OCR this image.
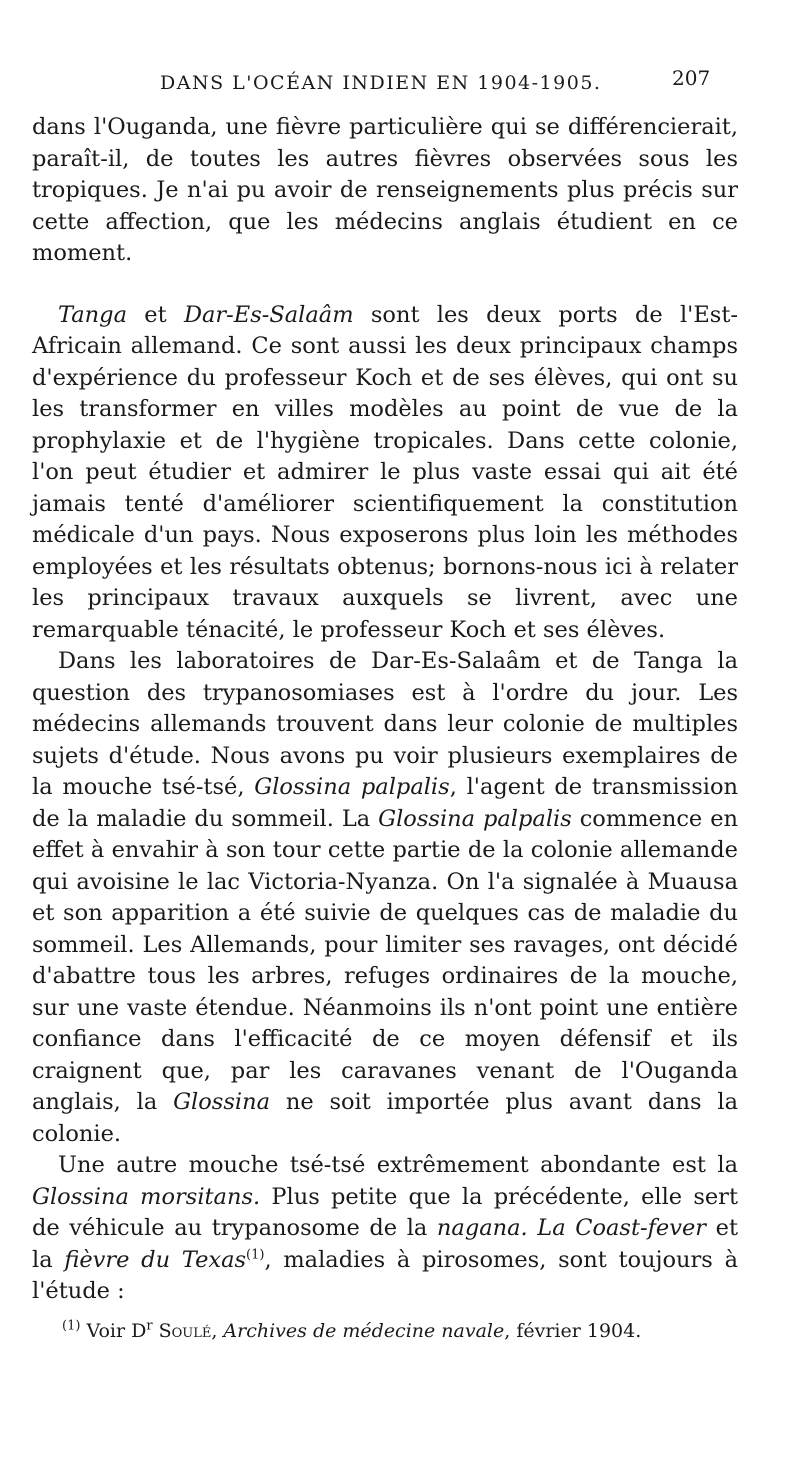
DANS L'OCÉAN INDIEN EN 1904-1905.	207

dans l'Ouganda, une fièvre particulière qui se différencierait, paraît-il, de toutes les autres fièvres observées sous les tropiques. Je n'ai pu avoir de renseignements plus précis sur cette affection, que les médecins anglais étudient en ce moment.

Tanga et Dar-Es-Salaâm sont les deux ports de l'Est-Africain allemand. Ce sont aussi les deux principaux champs d'expérience du professeur Koch et de ses élèves, qui ont su les transformer en villes modèles au point de vue de la prophylaxie et de l'hygiène tropicales. Dans cette colonie, l'on peut étudier et admirer le plus vaste essai qui ait été jamais tenté d'améliorer scientifiquement la constitution médicale d'un pays. Nous exposerons plus loin les méthodes employées et les résultats obtenus; bornons-nous ici à relater les principaux travaux auxquels se livrent, avec une remarquable ténacité, le professeur Koch et ses élèves.

Dans les laboratoires de Dar-Es-Salaâm et de Tanga la question des trypanosomiases est à l'ordre du jour. Les médecins allemands trouvent dans leur colonie de multiples sujets d'étude. Nous avons pu voir plusieurs exemplaires de la mouche tsé-tsé, Glossina palpalis, l'agent de transmission de la maladie du sommeil. La Glossina palpalis commence en effet à envahir à son tour cette partie de la colonie allemande qui avoisine le lac Victoria-Nyanza. On l'a signalée à Muausa et son apparition a été suivie de quelques cas de maladie du sommeil. Les Allemands, pour limiter ses ravages, ont décidé d'abattre tous les arbres, refuges ordinaires de la mouche, sur une vaste étendue. Néanmoins ils n'ont point une entière confiance dans l'efficacité de ce moyen défensif et ils craignent que, par les caravanes venant de l'Ouganda anglais, la Glossina ne soit importée plus avant dans la colonie.

Une autre mouche tsé-tsé extrêmement abondante est la Glossina morsitans. Plus petite que la précédente, elle sert de véhicule au trypanosome de la nagana. La Coast-fever et la fièvre du Texas$^{(1)}$, maladies à pirosomes, sont toujours à l'étude :

$^{(1)}$ Voir $D^r$ Soulé, Archives de médecine navale, février 1904.
